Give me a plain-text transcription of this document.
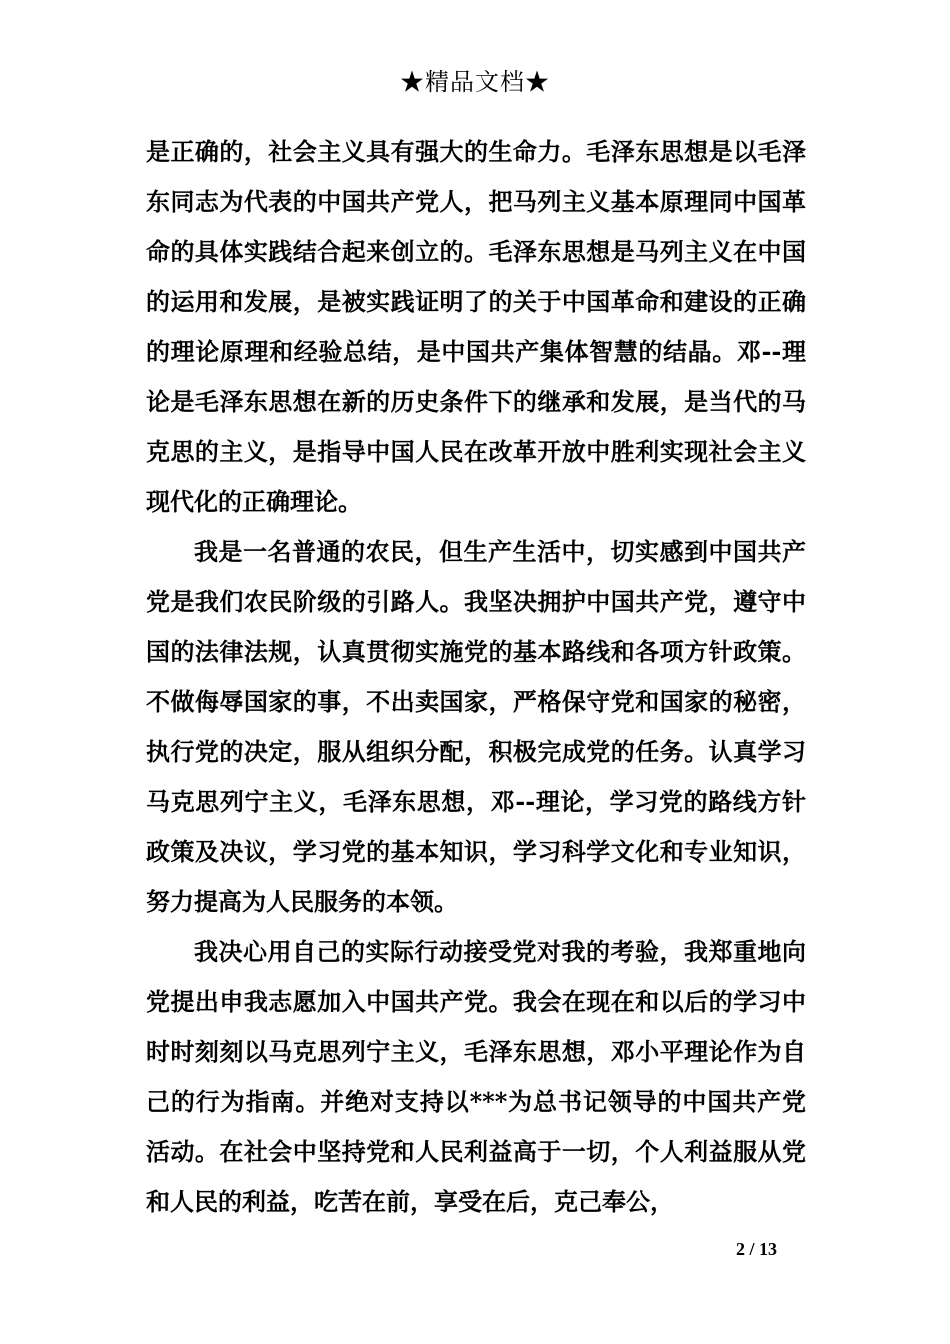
★精品文档★

是正确的，社会主义具有强大的生命力。毛泽东思想是以毛泽东同志为代表的中国共产党人，把马列主义基本原理同中国革命的具体实践结合起来创立的。毛泽东思想是马列主义在中国的运用和发展，是被实践证明了的关于中国革命和建设的正确的理论原理和经验总结，是中国共产集体智慧的结晶。邓--理论是毛泽东思想在新的历史条件下的继承和发展，是当代的马克思的主义，是指导中国人民在改革开放中胜利实现社会主义现代化的正确理论。

我是一名普通的农民，但生产生活中，切实感到中国共产党是我们农民阶级的引路人。我坚决拥护中国共产党，遵守中国的法律法规，认真贯彻实施党的基本路线和各项方针政策。不做侮辱国家的事，不出卖国家，严格保守党和国家的秘密，执行党的决定，服从组织分配，积极完成党的任务。认真学习马克思列宁主义，毛泽东思想，邓--理论，学习党的路线方针政策及决议，学习党的基本知识，学习科学文化和专业知识，努力提高为人民服务的本领。

我决心用自己的实际行动接受党对我的考验，我郑重地向党提出申我志愿加入中国共产党。我会在现在和以后的学习中时时刻刻以马克思列宁主义，毛泽东思想，邓小平理论作为自己的行为指南。并绝对支持以***为总书记领导的中国共产党活动。在社会中坚持党和人民利益高于一切，个人利益服从党和人民的利益，吃苦在前，享受在后，克己奉公，

2 / 13
